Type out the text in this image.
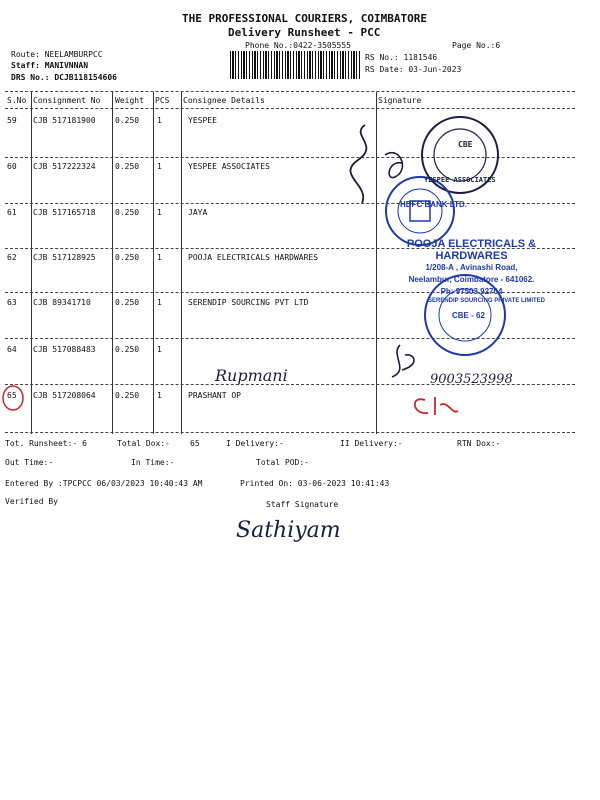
THE PROFESSIONAL COURIERS, COIMBATORE
Delivery Runsheet - PCC
Phone No.:0422-3505555	Page No.:6
Route: NEELAMBURPCC
Staff: MANIVNNAN
DRS No.: DCJB118154606
RS No.: 1181546
RS Date: 03-Jun-2023
S.No Consignment No Weight PCS Consignee Details	Signature
59 CJB 517181900 0.250 1	YESPEE
60 CJB 517222324 0.250 1	YESPEE ASSOCIATES
61 CJB 517165718 0.250 1	JAYA
62 CJB 517128925 0.250 1	POOJA ELECTRICALS HARDWARES
63 CJB 89341710	0.250 1	SERENDIP SOURCING PVT LTD
64 CJB 517088483 0.250 1
65 CJB 517208064 0.250 1	PRASHANT OP
CBE
YESPEE ASSOCIATES
HDFC BANK LTD.
POOJA ELECTRICALS & HARDWARES
1/208-A , Avinashi Road,
Neelambur, Coimbatore - 641062.
Ph: 97503 92704
SERENDIP SOURCING PRIVATE LIMITED
CBE - 62
Rupmani	9003523998
Tot. Runsheet:- 6	Total Dox:-	65	I Delivery:-	II Delivery:-	RTN Dox:-
Out Time:-	In Time:-	Total POD:-
Entered By :TPCPCC 06/03/2023 10:40:43 AM	Printed On: 03-06-2023 10:41:43
Verified By	Staff Signature
Sathiyam
